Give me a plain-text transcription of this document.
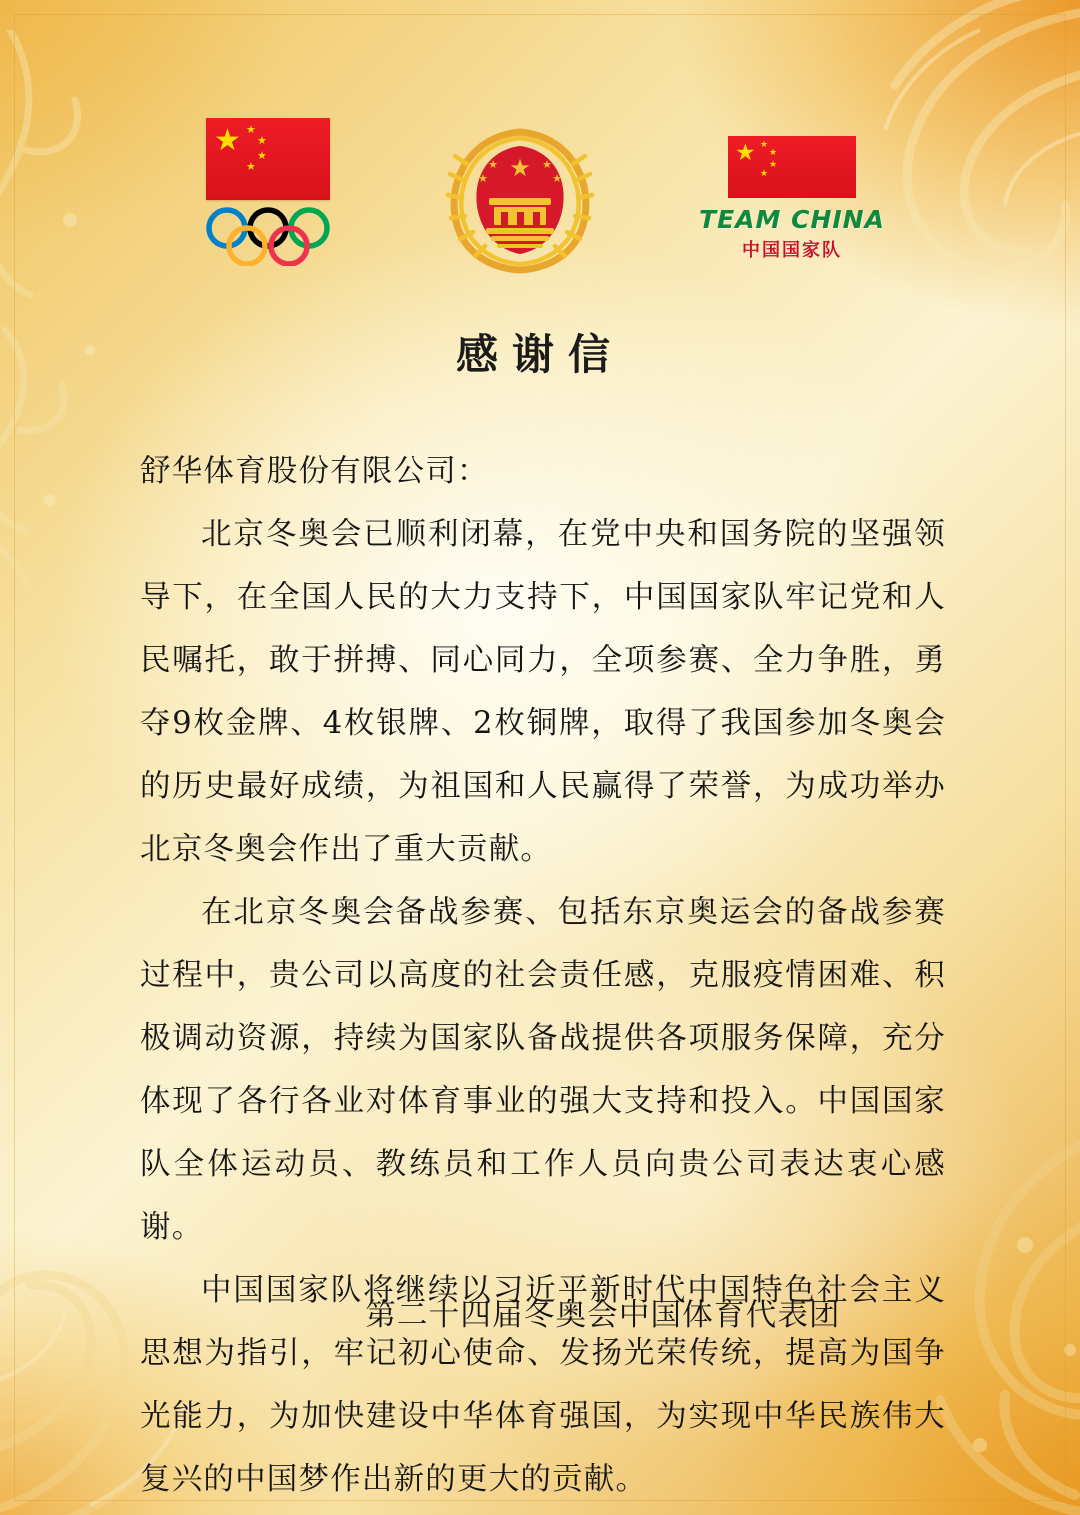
★ ★
★
★
★	★
★
★
★
★
★ ★
★
★
★
TEAM CHINA
中国国家队
感谢信

舒华体育股份有限公司：

北京冬奥会已顺利闭幕，在党中央和国务院的坚强领导下，在全国人民的大力支持下，中国国家队牢记党和人民嘱托，敢于拼搏、同心同力，全项参赛、全力争胜，勇夺9枚金牌、4枚银牌、2枚铜牌，取得了我国参加冬奥会的历史最好成绩，为祖国和人民赢得了荣誉，为成功举办北京冬奥会作出了重大贡献。

在北京冬奥会备战参赛、包括东京奥运会的备战参赛过程中，贵公司以高度的社会责任感，克服疫情困难、积极调动资源，持续为国家队备战提供各项服务保障，充分体现了各行各业对体育事业的强大支持和投入。中国国家队全体运动员、教练员和工作人员向贵公司表达衷心感谢。

中国国家队将继续以习近平新时代中国特色社会主义思想为指引，牢记初心使命、发扬光荣传统，提高为国争光能力，为加快建设中华体育强国，为实现中华民族伟大复兴的中国梦作出新的更大的贡献。

第二十四届冬奥会中国体育代表团
